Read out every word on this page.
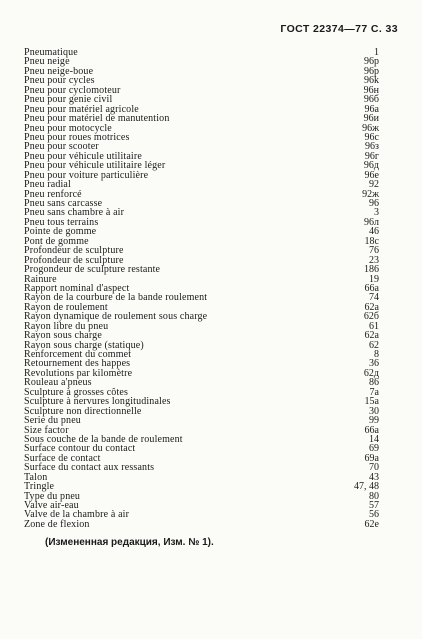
ГОСТ 22374—77 С. 33
Pneumatique	1
Pneu neige	96р
Pneu neige-boue	96р
Pneu pour cycles	96k
Pneu pour cyclomoteur	96н
Pneu pour genie civil	96б
Pneu pour matériel agricole	96а
Pneu pour matériel de manutention	96и
Pneu pour motocycle	96ж
Pneu pour roues motrices	96с
Pneu pour scooter	96з
Pneu pour véhicule utilitaire	96г
Pneu pour véhicule utilitaire léger	96д
Pneu pour voiture particulière	96е
Pneu radial	92
Pneu renforcé	92ж
Pneu sans carcasse	96
Pneu sans chambre à air	3
Pneu tous terrains	96л
Pointe de gomme	46
Pont de gomme	18с
Profondeur de sculpture	76
Profondeur de sculpture	23
Progondeur de sculpture restante	186
Rainure	19
Rapport nominal d'aspect	66а
Rayon de la courbure de la bande roulement	74
Rayon de roulement	62а
Rayon dynamique de roulement sous charge	62б
Rayon libre du pneu	61
Rayon sous charge	62а
Rayon sous charge (statique)	62
Renforcement du commet	8
Retournement des happes	36
Revolutions par kilomètre	62д
Rouleau a'pneus	86
Sculpture à grosses côtes	7а
Sculpture à nervures longitudinales	15а
Sculpture non directionnelle	30
Serie du pneu	99
Size factor	66а
Sous couche de la bande de roulement	14
Surface contour du contact	69
Surface de contact	69а
Surface du contact aux ressants	70
Talon	43
Tringle	47, 48
Type du pneu	80
Valve air-eau	57
Valve de la chambre à air	56
Zone de flexion	62е
(Измененная редакция, Изм. № 1).
